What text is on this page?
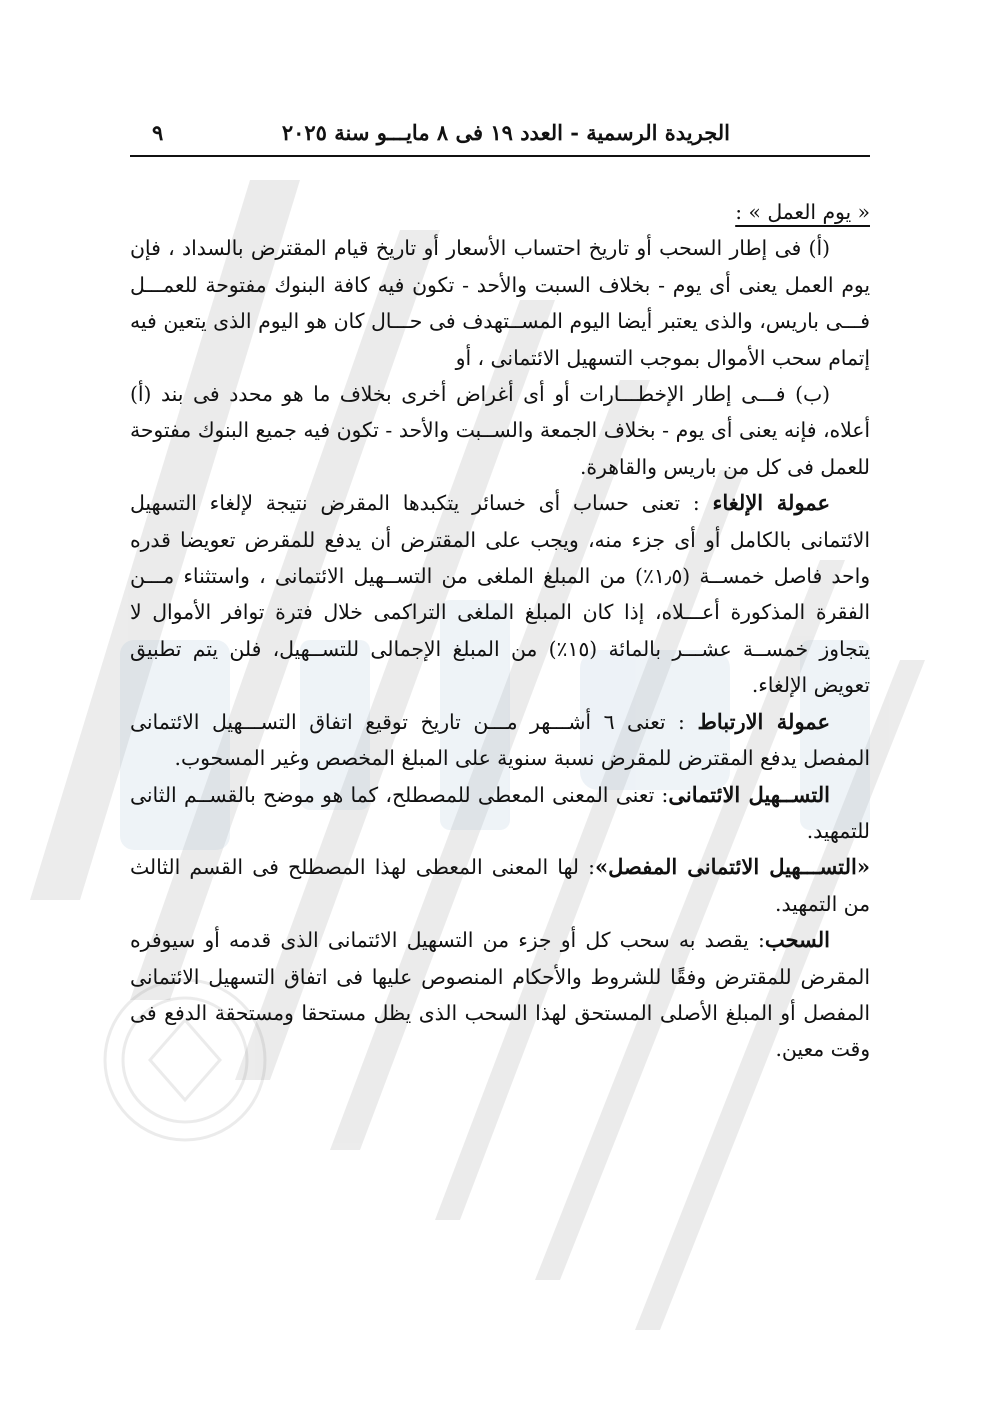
الجريدة الرسمية - العدد ١٩ فى ٨ مايـــو سنة ٢٠٢٥
٩

« يوم العمل » :

(أ) فى إطار السحب أو تاريخ احتساب الأسعار أو تاريخ قيام المقترض بالسداد ، فإن يوم العمل يعنى أى يوم - بخلاف السبت والأحد - تكون فيه كافة البنوك مفتوحة للعمـــل فـــى باريس، والذى يعتبر أيضا اليوم المســتهدف فى حـــال كان هو اليوم الذى يتعين فيه إتمام سحب الأموال بموجب التسهيل الائتمانى ، أو

(ب) فـــى إطار الإخطـــارات أو أى أغراض أخرى بخلاف ما هو محدد فى بند (أ) أعلاه، فإنه يعنى أى يوم - بخلاف الجمعة والســبت والأحد - تكون فيه جميع البنوك مفتوحة للعمل فى كل من باريس والقاهرة.

عمولة الإلغاء : تعنى حساب أى خسائر يتكبدها المقرض نتيجة لإلغاء التسهيل الائتمانى بالكامل أو أى جزء منه، ويجب على المقترض أن يدفع للمقرض تعويضا قدره واحد فاصل خمســة (١٫٥٪) من المبلغ الملغى من التســهيل الائتمانى ، واستثناء مـــن الفقرة المذكورة أعـــلاه، إذا كان المبلغ الملغى التراكمى خلال فترة توافر الأموال لا يتجاوز خمســة عشـــر بالمائة (١٥٪) من المبلغ الإجمالى للتســهيل، فلن يتم تطبيق تعويض الإلغاء.

عمولة الارتباط : تعنى ٦ أشـــهر مـــن تاريخ توقيع اتفاق التســـهيل الائتمانى المفصل يدفع المقترض للمقرض نسبة سنوية على المبلغ المخصص وغير المسحوب.

التســهيل الائتمانى: تعنى المعنى المعطى للمصطلح، كما هو موضح بالقســم الثانى للتمهيد.

«التســـهيل الائتمانى المفصل»: لها المعنى المعطى لهذا المصطلح فى القسم الثالث من التمهيد.

السحب: يقصد به سحب كل أو جزء من التسهيل الائتمانى الذى قدمه أو سيوفره المقرض للمقترض وفقًا للشروط والأحكام المنصوص عليها فى اتفاق التسهيل الائتمانى المفصل أو المبلغ الأصلى المستحق لهذا السحب الذى يظل مستحقا ومستحقة الدفع فى وقت معين.
